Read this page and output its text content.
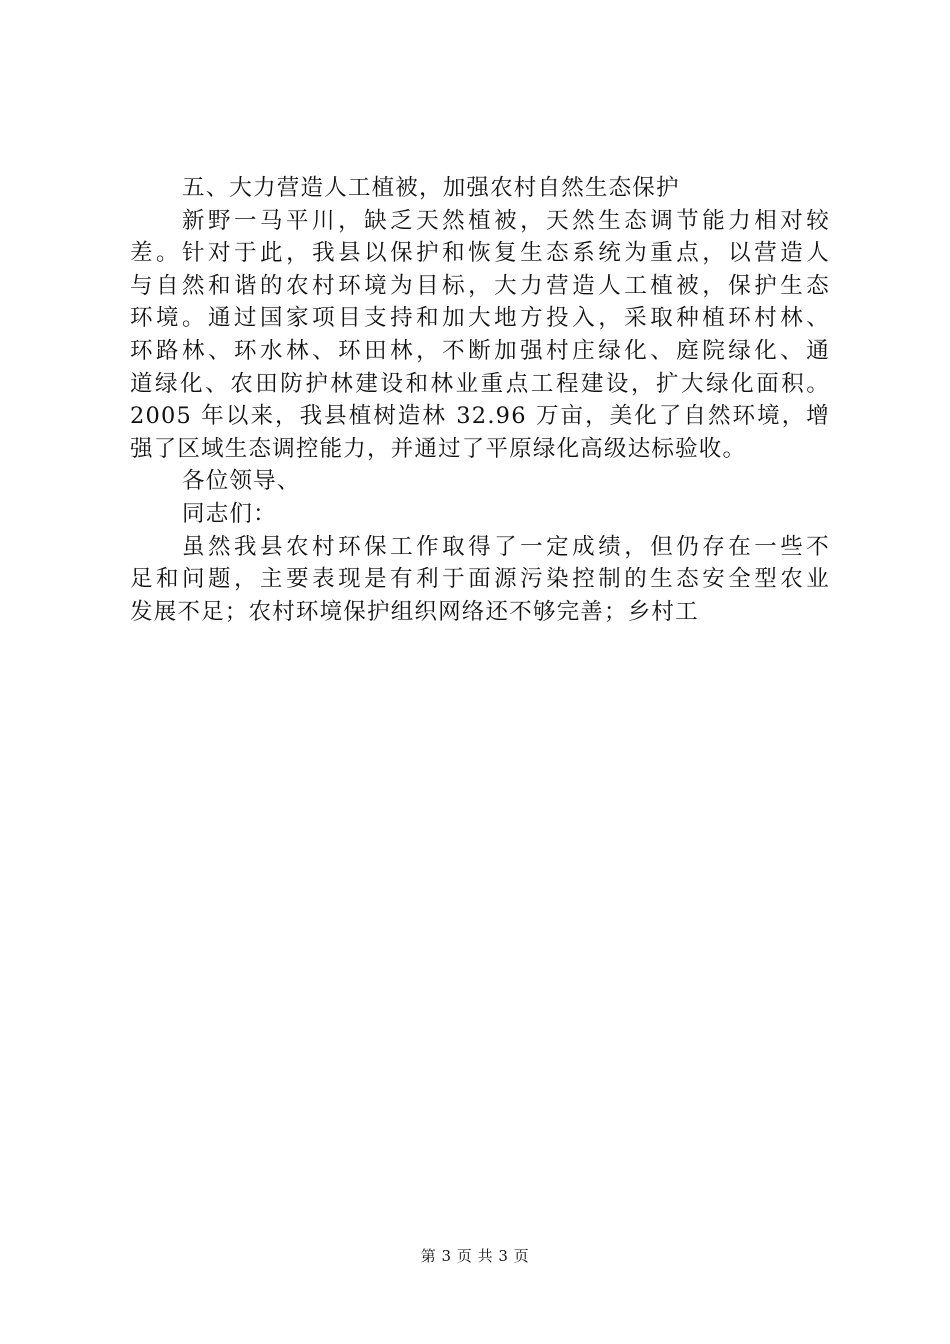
五、大力营造人工植被，加强农村自然生态保护
新野一马平川，缺乏天然植被，天然生态调节能力相对较
差。针对于此，我县以保护和恢复生态系统为重点，以营造人
与自然和谐的农村环境为目标，大力营造人工植被，保护生态
环境。通过国家项目支持和加大地方投入，采取种植环村林、
环路林、环水林、环田林，不断加强村庄绿化、庭院绿化、通
道绿化、农田防护林建设和林业重点工程建设，扩大绿化面积。
2005 年以来，我县植树造林 32.96 万亩，美化了自然环境，增
强了区域生态调控能力，并通过了平原绿化高级达标验收。
各位领导、
同志们：
虽然我县农村环保工作取得了一定成绩，但仍存在一些不
足和问题，主要表现是有利于面源污染控制的生态安全型农业
发展不足；农村环境保护组织网络还不够完善；乡村工
第 3 页 共 3 页
